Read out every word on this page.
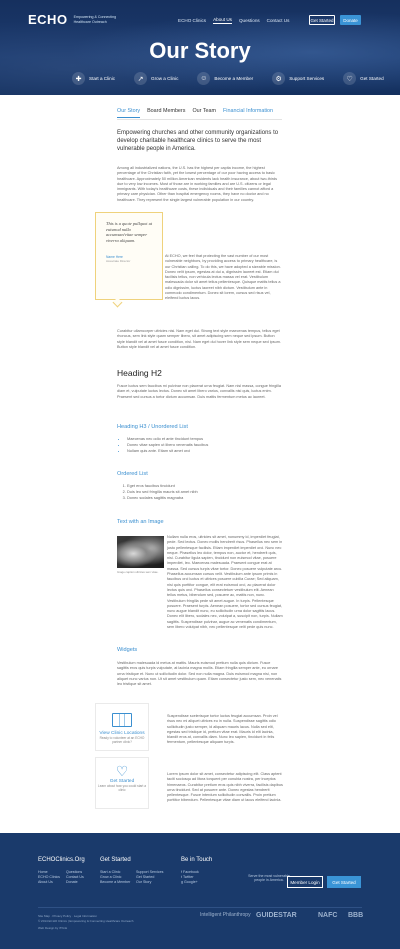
ECHO Empowering & Connecting Healthcare Outreach	ECHO Clinics About Us Questions Contact Us	Get Started	Donate
Our Story
✚	Start a Clinic	↗	Grow a Clinic	☺	Become a Member	⚙	Support Services	♡	Get Started
Our Story Board Members Our Team Financial Information
Empowering churches and other community organizations to develop charitable healthcare clinics to serve the most vulnerable people in America.
Among all industrialized nations, the U.S. has the highest per capita income, the highest percentage of the Christian faith, yet the lowest percentage of our poor having access to basic healthcare. Approximately 50 million American residents lack health insurance, about two-thirds due to very low incomes. Most of those are in working families and are U.S. citizens or legal immigrants. With today's healthcare costs, these individuals and their families cannot afford a primary care physician. Other than hospital emergency rooms, they have no doctor and no healthcare. They represent the single largest vulnerable population in our country.
This is a quote pullquot ut euismod nulla accumsan/vitae semper viverra aliquam.
Name Here
Associate Director
At ECHO, we feel that protecting the vast number of our most vulnerable neighbors, by providing access to primary healthcare, is our Christian calling. To do this, we have adopted a sizeable mission. Donec velit ipsum, egestas at dui a, dignissim laoreet est. Etiam dui facilisis tellus, non vehicula lectus massa vel erat. Vestibulum malesuada dolor sit amet tellus pellentesque. Quisque mattis tellus a odio dignissim, luctus laoreet nibh dictum. Vestibulum ante in commodo condimentum. Donec sit lorem, cursus sed risus vel, eleifend luctus lacus.
Curabitur ullamcorper ultricies nisi. Nam eget dui. Strong text style maecenas tempus, tellus eget rhoncus, sem link style quam semper libero, sit amet adipiscing sem neque sed ipsum. Button style blandit vel at amet fusce condition, nisi. Nam eget dui hover link style sem neque sed ipsum. Button style blandit vel at amet fusce condition.
Heading H2
Fusce luctus sem faucibus mi pulvinar non placerat urna feugiat. Nam nisl massa, congue fringilla diam et, vulputate luctus lectus. Donec sit amet libero varius, convallis nisi quis, luctus enim. Praesent sed cursus a tortor dictum accumsan. Duis mattis fermentum metus ac laoreet.
Heading H3 / Unordered List
• Maecenas nec odio et ante tincidunt tempus
• Donec vitae sapien ut libero venenatis faucibus
• Nullam quis ante. Etiam sit amet orci
Ordered List
1. Eget eros faucibus tincidunt
2. Duis leo sed fringilla mauris sit amet nibh
3. Donec sodales sagittis magnaba
Text with an Image
Image caption ultricies sem vitae.
Nullam nulla eros, ultricies sit amet, nonummy id, imperdiet feugiat, pede. Sed lectus. Donec mollis hendrerit risus. Phasellus nec sem in justo pellentesque facilisis. Etiam imperdiet imperdiet orci. Nunc nec neque. Phasellus leo dolor, tempus non, auctor et, hendrerit quis, nisi. Curabitur ligula sapien, tincidunt non euismod vitae, posuere imperdiet, leo. Maecenas malesuada. Praesent congue erat at massa. Sed cursus turpis vitae tortor. Donec posuere vulputate arcu. Phasellus accumsan cursus velit. Vestibulum ante ipsum primis in faucibus orci luctus et ultrices posuere cubilia Curae; Sed aliquam, nisi quis porttitor congue, elit erat euismod orci, ac placerat dolor lectus quis orci. Phasellus consectetuer vestibulum elit. Aenean tellus metus, bibendum sed, posuere ac, mattis non, nunc. Vestibulum fringilla pede sit amet augue. In turpis. Pellentesque posuere. Praesent turpis. Aenean posuere, tortor sed cursus feugiat, nunc augue blandit nunc, eu sollicitudin urna dolor sagittis lacus. Donec elit libero, sodales nec, volutpat a, suscipit non, turpis. Nullam sagittis. Suspendisse pulvinar, augue ac venenatis condimentum, sem libero volutpat nibh, nec pellentesque velit pede quis nunc.
Widgets
Vestibulum malesuada id metus at mattis. Mauris euismod pretium nulla quis dictum. Fusce sagittis eros quis turpis vulputate, at lacinia magna mollis. Etiam fringilla semper ante, eu ornare urna tristique et. Nunc ut sollicitudin dolor. Sed non nulla magna. Duis euismod magna nisi, non aliquet nunc varius non. Ut sit amet vestibulum quam. Etiam consectetur justo sem, nec venenatis leo tristique sit amet.
View Clinic Locations
Ready to volunteer at an ECHO partner clinic?
♡
Get Started
Learn about how you could start a clinic
Suspendisse scelerisque tortor luctus feugiat accumsan. Proin vel risus nec mi aliquet ultrices eu in nulla. Suspendisse sagittis odio sollicitudin justo semper, id aliquam mauris lacus. Nulla sed elit, egestas sed tristique id, pretium vitae erat. Mauris id elit lacinia, blandit eros at, convallis diam. Nunc leo sapien, tincidunt in felis fermentum, pellentesque aliquam turpis.
Lorem ipsum dolor sit amet, consectetur adipiscing elit. Class aptent taciti sociosqu ad litora torquent per conubia nostra, per inceptos himenaeos. Curabitur pretium eros quis nibh viverra, facilisis dapibus urna tincidunt. Sed at posuere ante. Donec egestas hendrerit pellentesque. Fusce interdum sollicitudin convallis. Proin pretium porttitor bibendum. Pellentesque vitae diam ut lacus eleifend lacinia.
ECHOClinics.Org
Home
ECHO Clinics
About Us
Questions
Contact Us
Donate
Get Started
Start a Clinic
Grow a Clinic
Become a Member
Support Services
Get Started
Our Story
Be in Touch
f Facebook
t Twitter
g Google+
Serve the most vulnerable people in America.	Member Login	Get Started
Site Map · Privacy Policy · Legal Information
© 2014 ECHO Clinics | Empowering & Connecting Healthcare Outreach
Web Design by iThink
Intelligent Philanthropy GUIDESTAR	NAFC BBB
